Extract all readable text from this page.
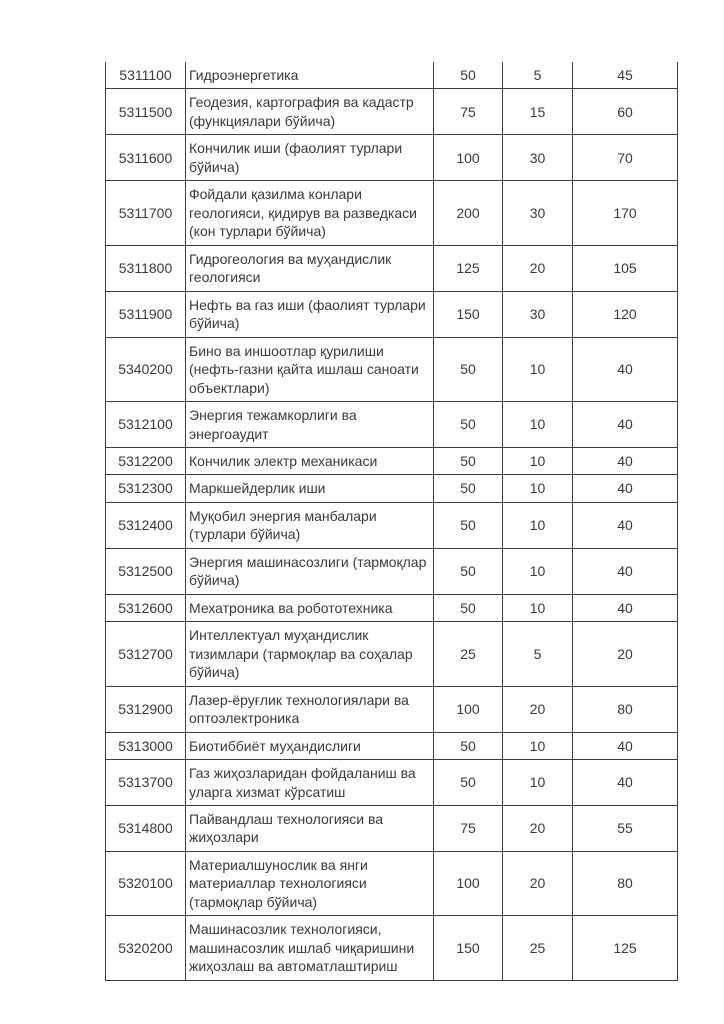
5311100	Гидроэнергетика	50	5	45
5311500	Геодезия, картография ва кадастр (функциялари бўйича)	75	15	60
5311600	Кончилик иши (фаолият турлари бўйича)	100	30	70
5311700	Фойдали қазилма конлари геологияси, қидирув ва разведкаси (кон турлари бўйича)	200	30	170
5311800	Гидрогеология ва муҳандислик геологияси	125	20	105
5311900	Нефть ва газ иши (фаолият турлари бўйича)	150	30	120
5340200	Бино ва иншоотлар қурилиши (нефть-газни қайта ишлаш саноати объектлари)	50	10	40
5312100	Энергия тежамкорлиги ва энергоаудит	50	10	40
5312200	Кончилик электр механикаси	50	10	40
5312300	Маркшейдерлик иши	50	10	40
5312400	Муқобил энергия манбалари (турлари бўйича)	50	10	40
5312500	Энергия машинасозлиги (тармоқлар бўйича)	50	10	40
5312600	Мехатроника ва робототехника	50	10	40
5312700	Интеллектуал муҳандислик тизимлари (тармоқлар ва соҳалар бўйича)	25	5	20
5312900	Лазер-ёруғлик технологиялари ва оптоэлектроника	100	20	80
5313000	Биотиббиёт муҳандислиги	50	10	40
5313700	Газ жиҳозларидан фойдаланиш ва уларга хизмат кўрсатиш	50	10	40
5314800	Пайвандлаш технологияси ва жиҳозлари	75	20	55
5320100	Материалшунослик ва янги материаллар технологияси (тармоқлар бўйича)	100	20	80
5320200	Машинасозлик технологияси, машинасозлик ишлаб чиқаришини жиҳозлаш ва автоматлаштириш	150	25	125
